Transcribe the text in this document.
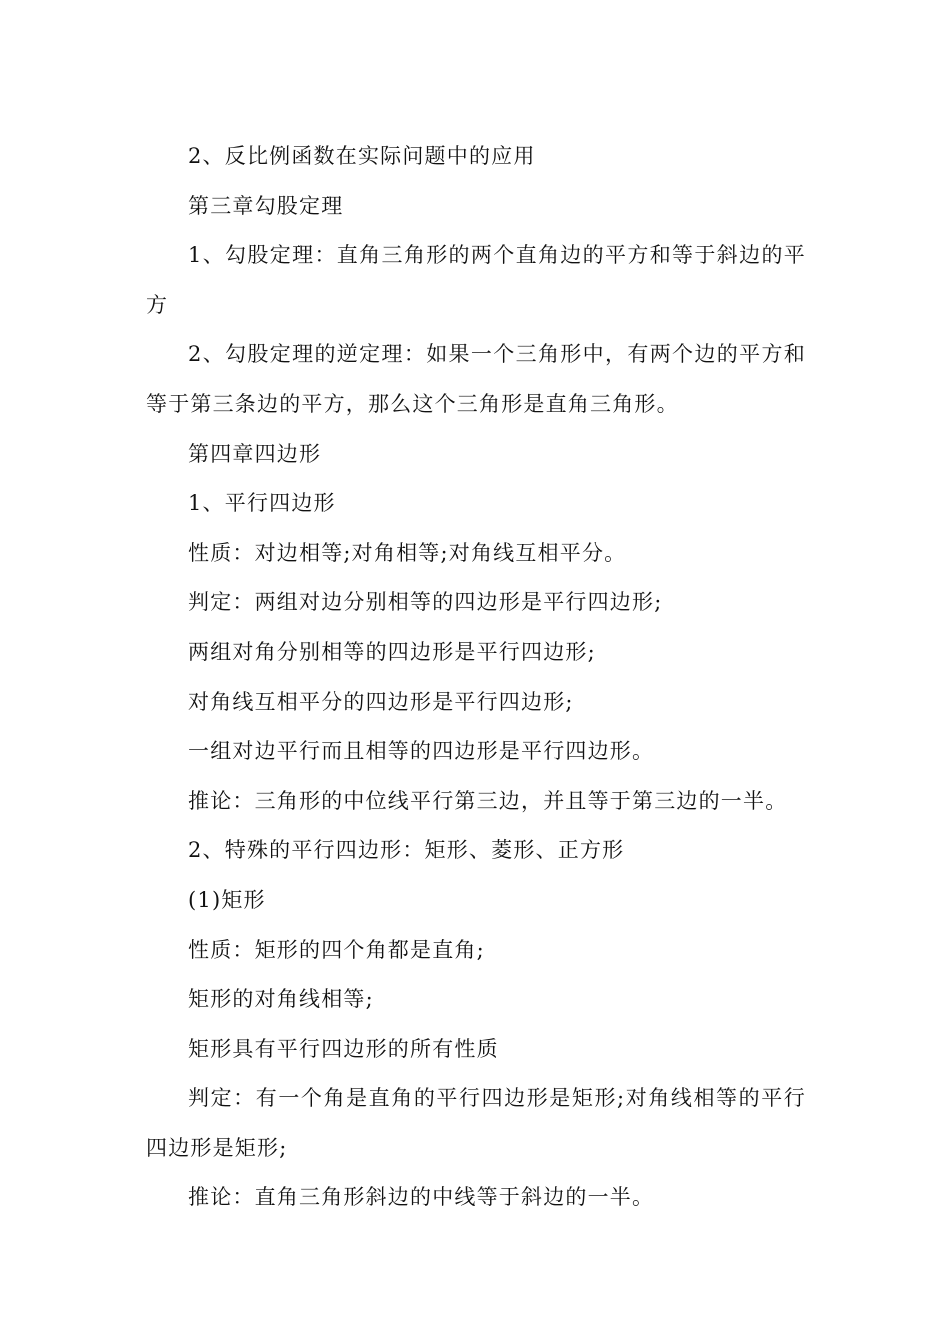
2、反比例函数在实际问题中的应用

第三章勾股定理

1、勾股定理：直角三角形的两个直角边的平方和等于斜边的平方

2、勾股定理的逆定理：如果一个三角形中，有两个边的平方和等于第三条边的平方，那么这个三角形是直角三角形。

第四章四边形

1、平行四边形

性质：对边相等;对角相等;对角线互相平分。

判定：两组对边分别相等的四边形是平行四边形;

两组对角分别相等的四边形是平行四边形;

对角线互相平分的四边形是平行四边形;

一组对边平行而且相等的四边形是平行四边形。

推论：三角形的中位线平行第三边，并且等于第三边的一半。

2、特殊的平行四边形：矩形、菱形、正方形

(1)矩形

性质：矩形的四个角都是直角;

矩形的对角线相等;

矩形具有平行四边形的所有性质

判定：有一个角是直角的平行四边形是矩形;对角线相等的平行四边形是矩形;

推论：直角三角形斜边的中线等于斜边的一半。
